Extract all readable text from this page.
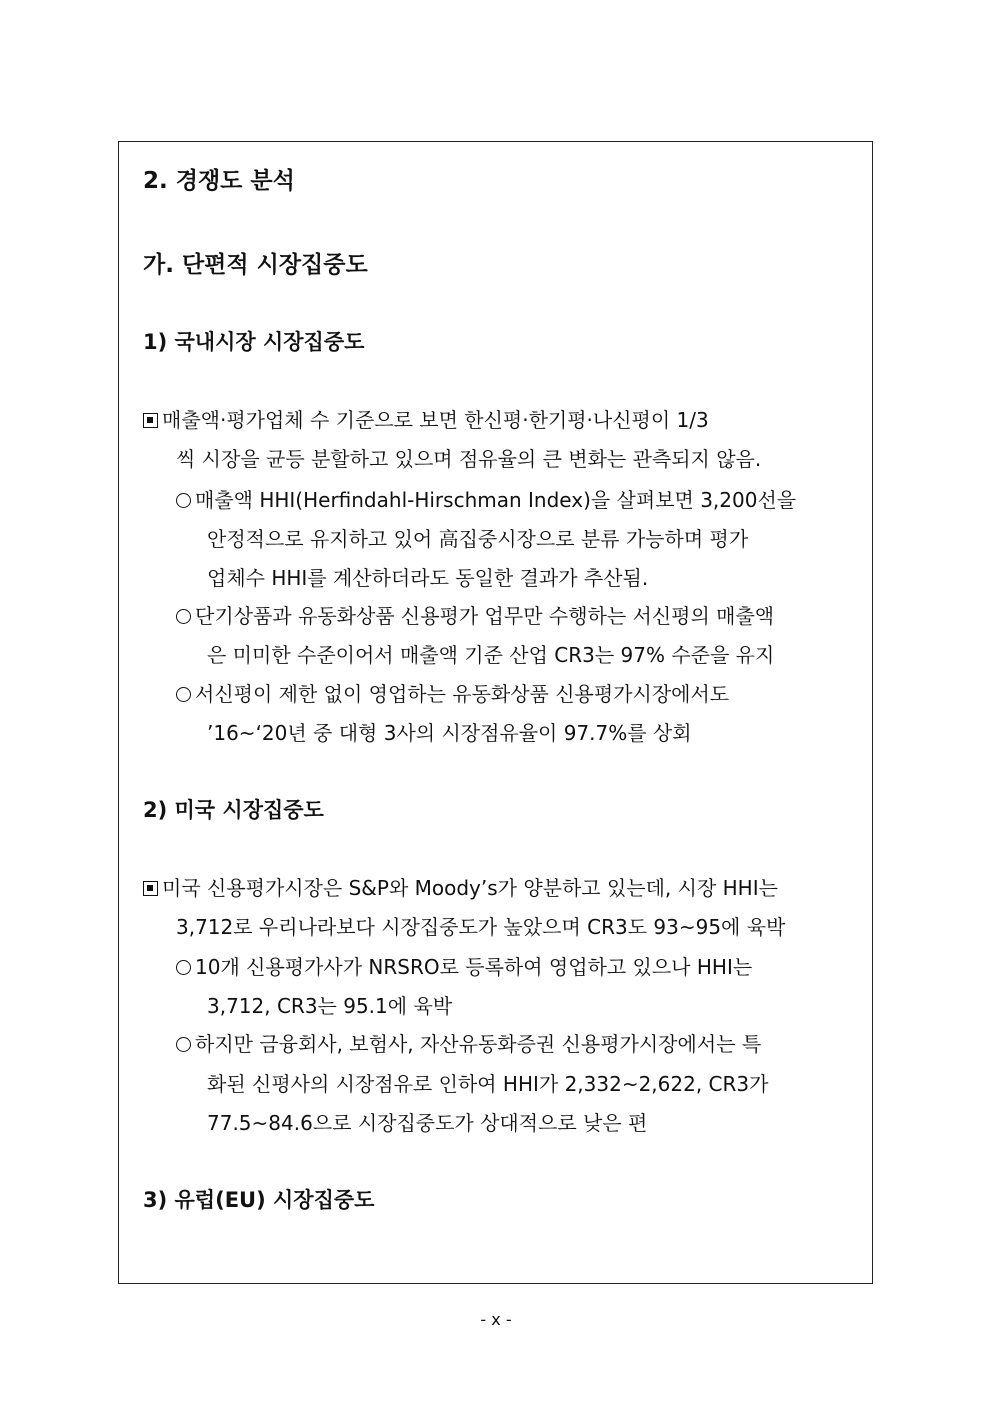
2. 경쟁도 분석
가. 단편적 시장집중도
1) 국내시장 시장집중도
매출액·평가업체 수 기준으로 보면 한신평·한기평·나신평이 1/3
씩 시장을 균등 분할하고 있으며 점유율의 큰 변화는 관측되지 않음.
매출액 HHI(Herfindahl-Hirschman Index)을 살펴보면 3,200선을
안정적으로 유지하고 있어 高집중시장으로 분류 가능하며 평가
업체수 HHI를 계산하더라도 동일한 결과가 추산됨.
단기상품과 유동화상품 신용평가 업무만 수행하는 서신평의 매출액
은 미미한 수준이어서 매출액 기준 산업 CR3는 97% 수준을 유지
서신평이 제한 없이 영업하는 유동화상품 신용평가시장에서도
’16~‘20년 중 대형 3사의 시장점유율이 97.7%를 상회
2) 미국 시장집중도
미국 신용평가시장은 S&P와 Moody’s가 양분하고 있는데, 시장 HHI는
3,712로 우리나라보다 시장집중도가 높았으며 CR3도 93~95에 육박
10개 신용평가사가 NRSRO로 등록하여 영업하고 있으나 HHI는
3,712, CR3는 95.1에 육박
하지만 금융회사, 보험사, 자산유동화증권 신용평가시장에서는 특
화된 신평사의 시장점유로 인하여 HHI가 2,332~2,622, CR3가
77.5~84.6으로 시장집중도가 상대적으로 낮은 편
3) 유럽(EU) 시장집중도
- x -
